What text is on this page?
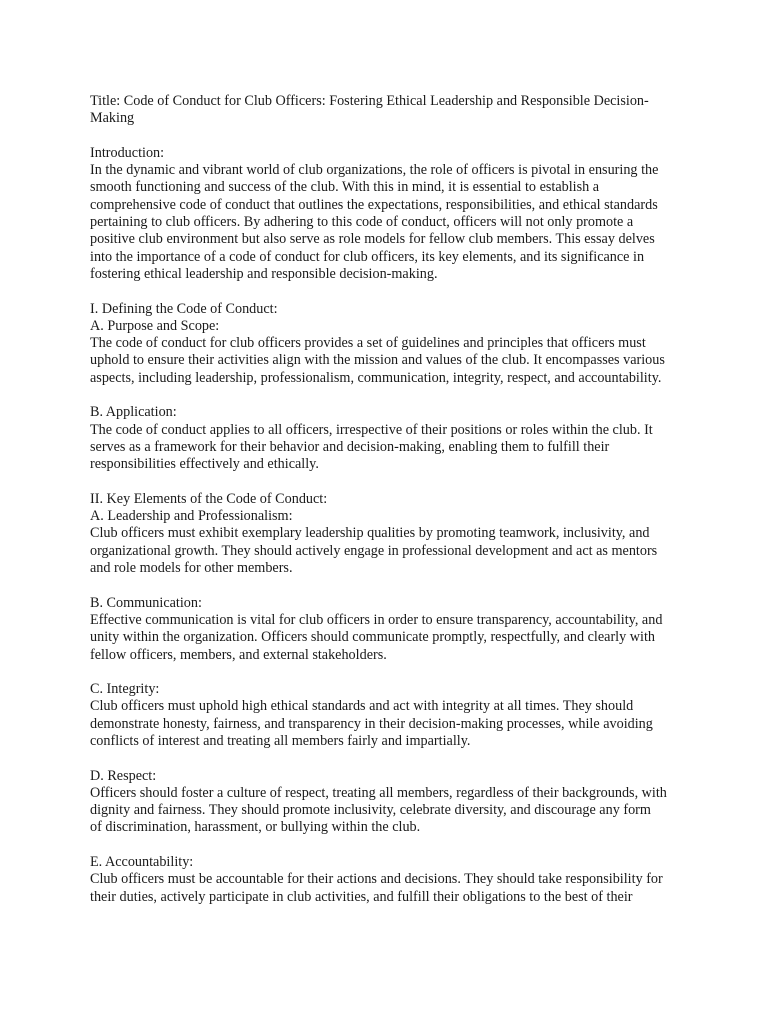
Title: Code of Conduct for Club Officers: Fostering Ethical Leadership and Responsible Decision-
Making
Introduction:
In the dynamic and vibrant world of club organizations, the role of officers is pivotal in ensuring the
smooth functioning and success of the club. With this in mind, it is essential to establish a
comprehensive code of conduct that outlines the expectations, responsibilities, and ethical standards
pertaining to club officers. By adhering to this code of conduct, officers will not only promote a
positive club environment but also serve as role models for fellow club members. This essay delves
into the importance of a code of conduct for club officers, its key elements, and its significance in
fostering ethical leadership and responsible decision-making.
I. Defining the Code of Conduct:
A. Purpose and Scope:
The code of conduct for club officers provides a set of guidelines and principles that officers must
uphold to ensure their activities align with the mission and values of the club. It encompasses various
aspects, including leadership, professionalism, communication, integrity, respect, and accountability.
B. Application:
The code of conduct applies to all officers, irrespective of their positions or roles within the club. It
serves as a framework for their behavior and decision-making, enabling them to fulfill their
responsibilities effectively and ethically.
II. Key Elements of the Code of Conduct:
A. Leadership and Professionalism:
Club officers must exhibit exemplary leadership qualities by promoting teamwork, inclusivity, and
organizational growth. They should actively engage in professional development and act as mentors
and role models for other members.
B. Communication:
Effective communication is vital for club officers in order to ensure transparency, accountability, and
unity within the organization. Officers should communicate promptly, respectfully, and clearly with
fellow officers, members, and external stakeholders.
C. Integrity:
Club officers must uphold high ethical standards and act with integrity at all times. They should
demonstrate honesty, fairness, and transparency in their decision-making processes, while avoiding
conflicts of interest and treating all members fairly and impartially.
D. Respect:
Officers should foster a culture of respect, treating all members, regardless of their backgrounds, with
dignity and fairness. They should promote inclusivity, celebrate diversity, and discourage any form
of discrimination, harassment, or bullying within the club.
E. Accountability:
Club officers must be accountable for their actions and decisions. They should take responsibility for
their duties, actively participate in club activities, and fulfill their obligations to the best of their
